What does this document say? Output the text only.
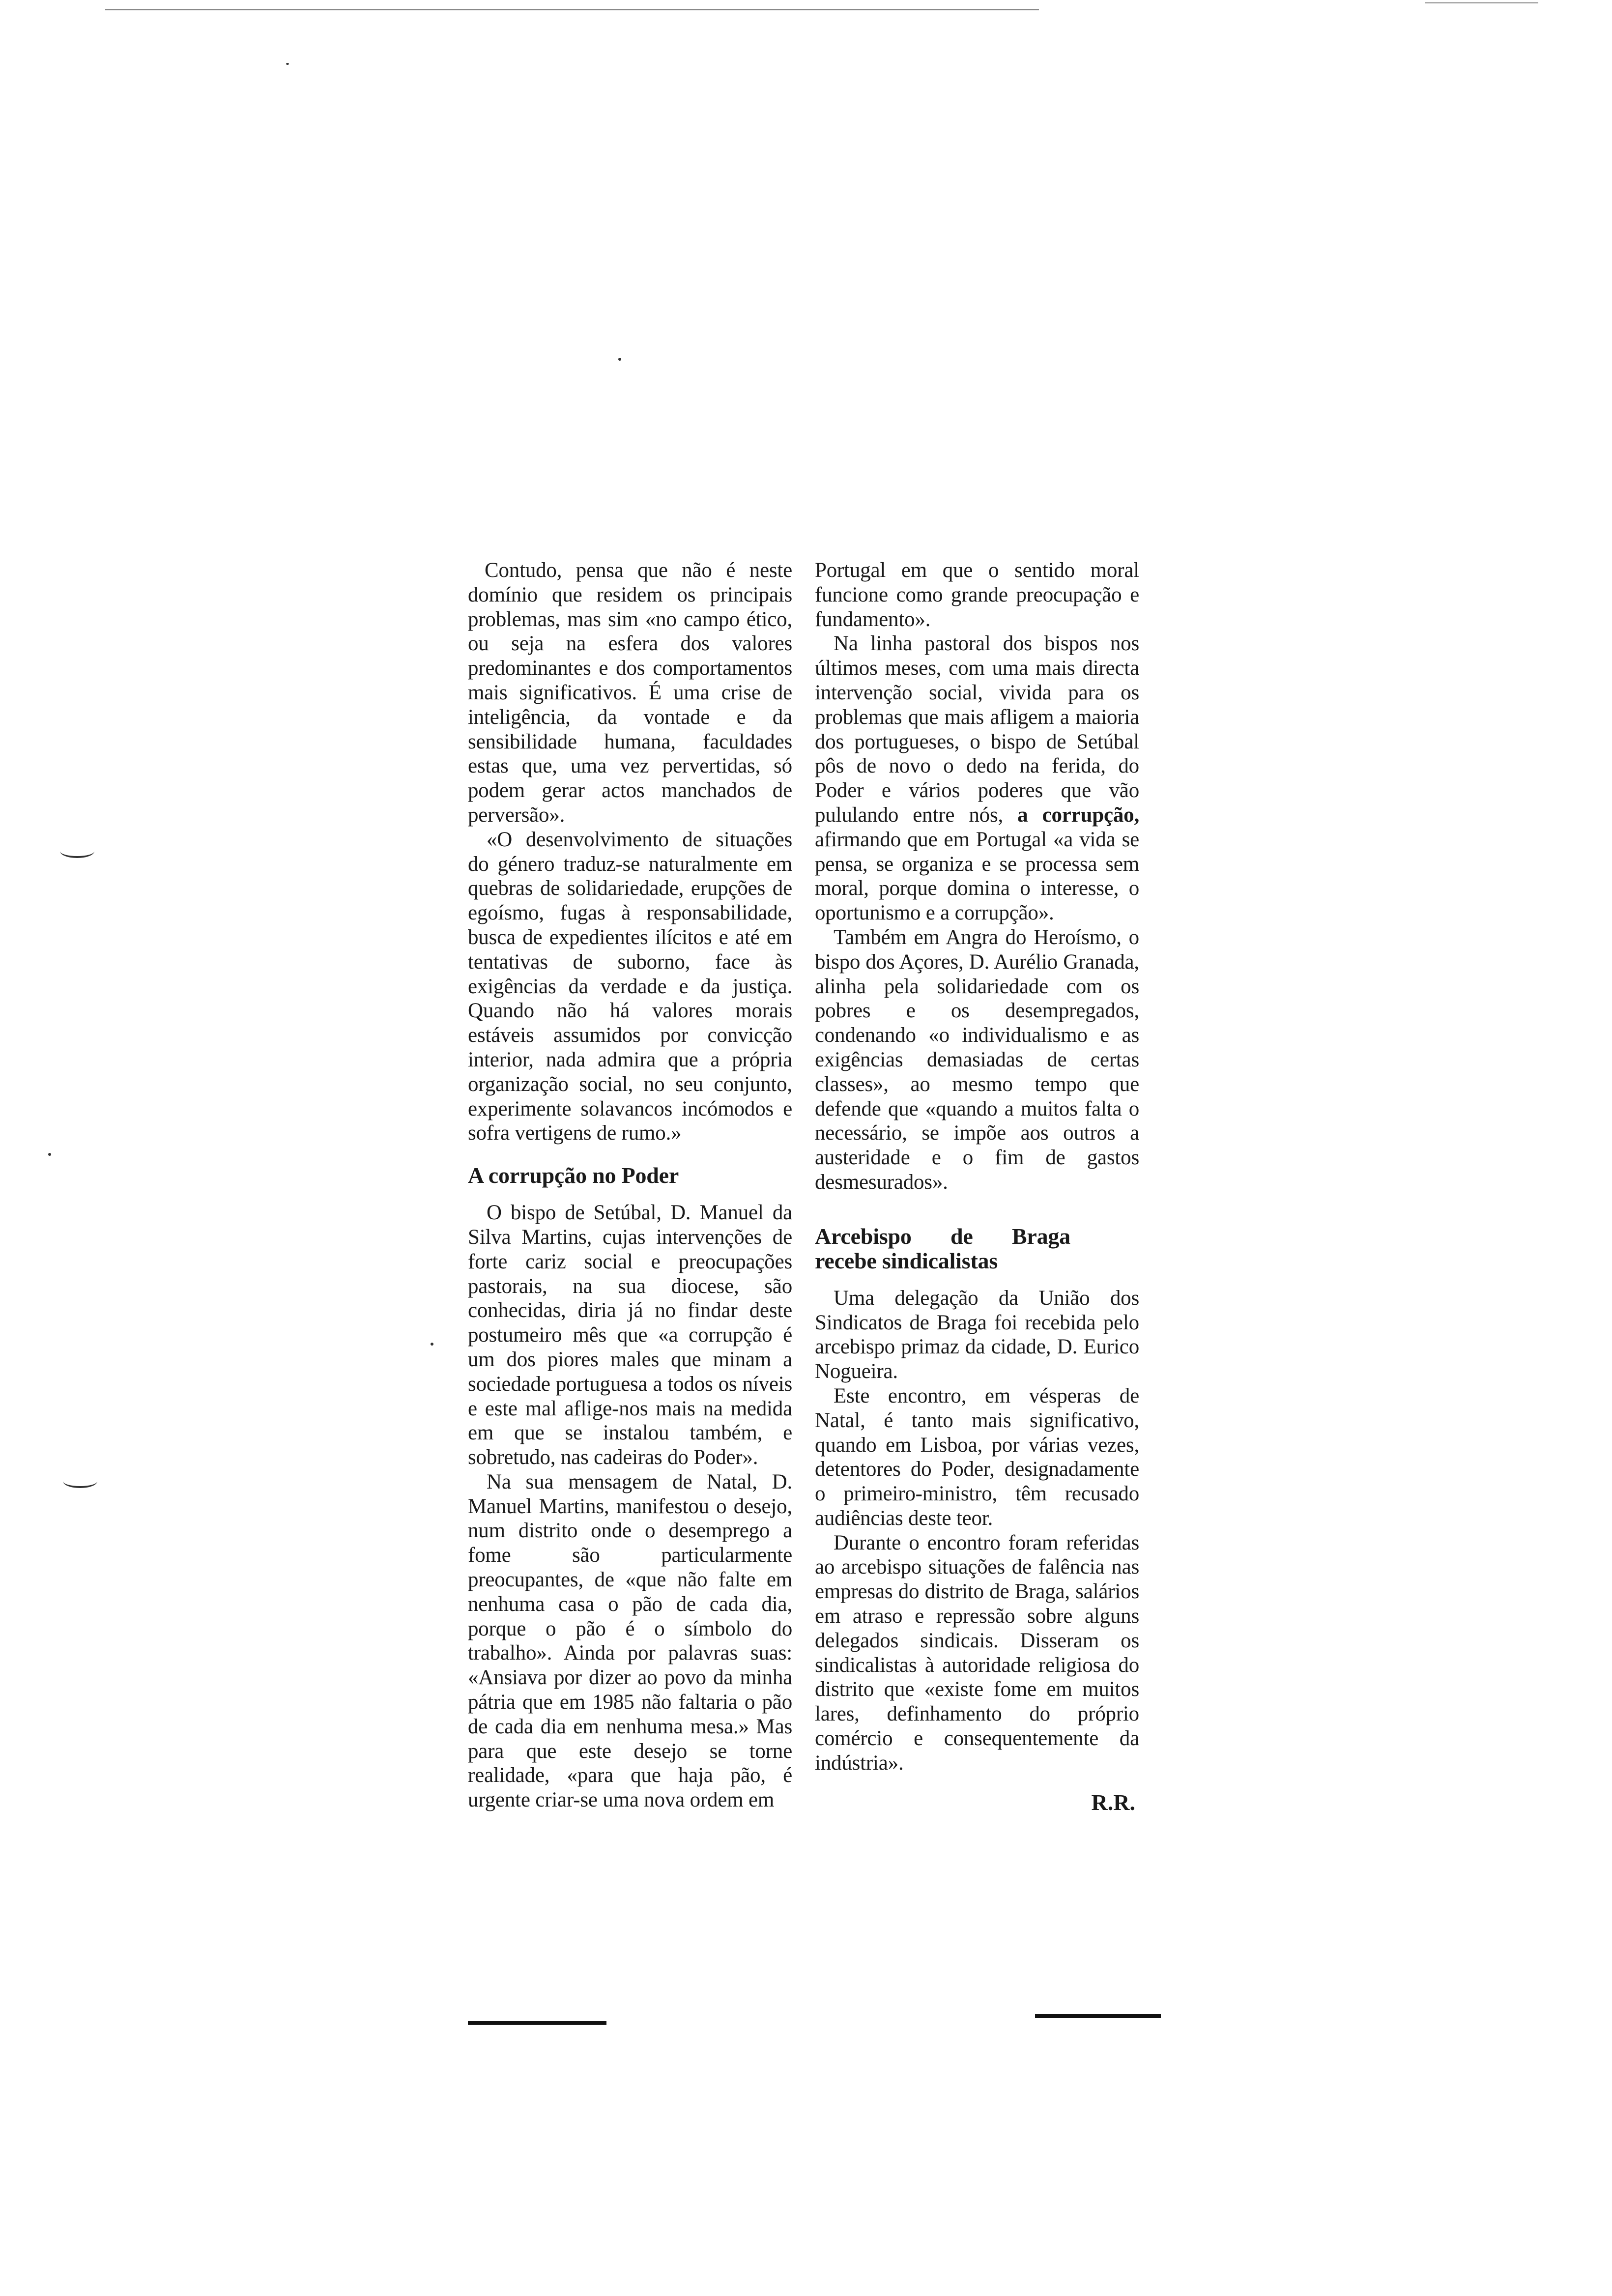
Contudo, pensa que não é neste domínio que residem os principais problemas, mas sim «no campo ético, ou seja na esfera dos valores predominantes e dos comportamentos mais significativos. É uma crise de inteligência, da vontade e da sensibilidade humana, faculdades estas que, uma vez pervertidas, só podem gerar actos manchados de perversão».

«O desenvolvimento de situações do género traduz-se naturalmente em quebras de solidariedade, erupções de egoísmo, fugas à responsabilidade, busca de expedientes ilícitos e até em tentativas de suborno, face às exigências da verdade e da justiça. Quando não há valores morais estáveis assumidos por convicção interior, nada admira que a própria organização social, no seu conjunto, experimente solavancos incómodos e sofra vertigens de rumo.»

A corrupção no Poder

O bispo de Setúbal, D. Manuel da Silva Martins, cujas intervenções de forte cariz social e preocupações pastorais, na sua diocese, são conhecidas, diria já no findar deste postumeiro mês que «a corrupção é um dos piores males que minam a sociedade portuguesa a todos os níveis e este mal aflige-nos mais na medida em que se instalou também, e sobretudo, nas cadeiras do Poder».

Na sua mensagem de Natal, D. Manuel Martins, manifestou o desejo, num distrito onde o desemprego a fome são particularmente preocupantes, de «que não falte em nenhuma casa o pão de cada dia, porque o pão é o símbolo do trabalho». Ainda por palavras suas: «Ansiava por dizer ao povo da minha pátria que em 1985 não faltaria o pão de cada dia em nenhuma mesa.» Mas para que este desejo se torne realidade, «para que haja pão, é urgente criar-se uma nova ordem em

Portugal em que o sentido moral funcione como grande preocupação e fundamento».

Na linha pastoral dos bispos nos últimos meses, com uma mais directa intervenção social, vivida para os problemas que mais afligem a maioria dos portugueses, o bispo de Setúbal pôs de novo o dedo na ferida, do Poder e vários poderes que vão pululando entre nós, a corrupção, afirmando que em Portugal «a vida se pensa, se organiza e se processa sem moral, porque domina o interesse, o oportunismo e a corrupção».

Também em Angra do Heroísmo, o bispo dos Açores, D. Aurélio Granada, alinha pela solidariedade com os pobres e os desempregados, condenando «o individualismo e as exigências demasiadas de certas classes», ao mesmo tempo que defende que «quando a muitos falta o necessário, se impõe aos outros a austeridade e o fim de gastos desmesurados».

Arcebispo de Braga recebe sindicalistas

Uma delegação da União dos Sindicatos de Braga foi recebida pelo arcebispo primaz da cidade, D. Eurico Nogueira.

Este encontro, em vésperas de Natal, é tanto mais significativo, quando em Lisboa, por várias vezes, detentores do Poder, designadamente o primeiro-ministro, têm recusado audiências deste teor.

Durante o encontro foram referidas ao arcebispo situações de falência nas empresas do distrito de Braga, salários em atraso e repressão sobre alguns delegados sindicais. Disseram os sindicalistas à autoridade religiosa do distrito que «existe fome em muitos lares, definhamento do próprio comércio e consequentemente da indústria».

R.R.
